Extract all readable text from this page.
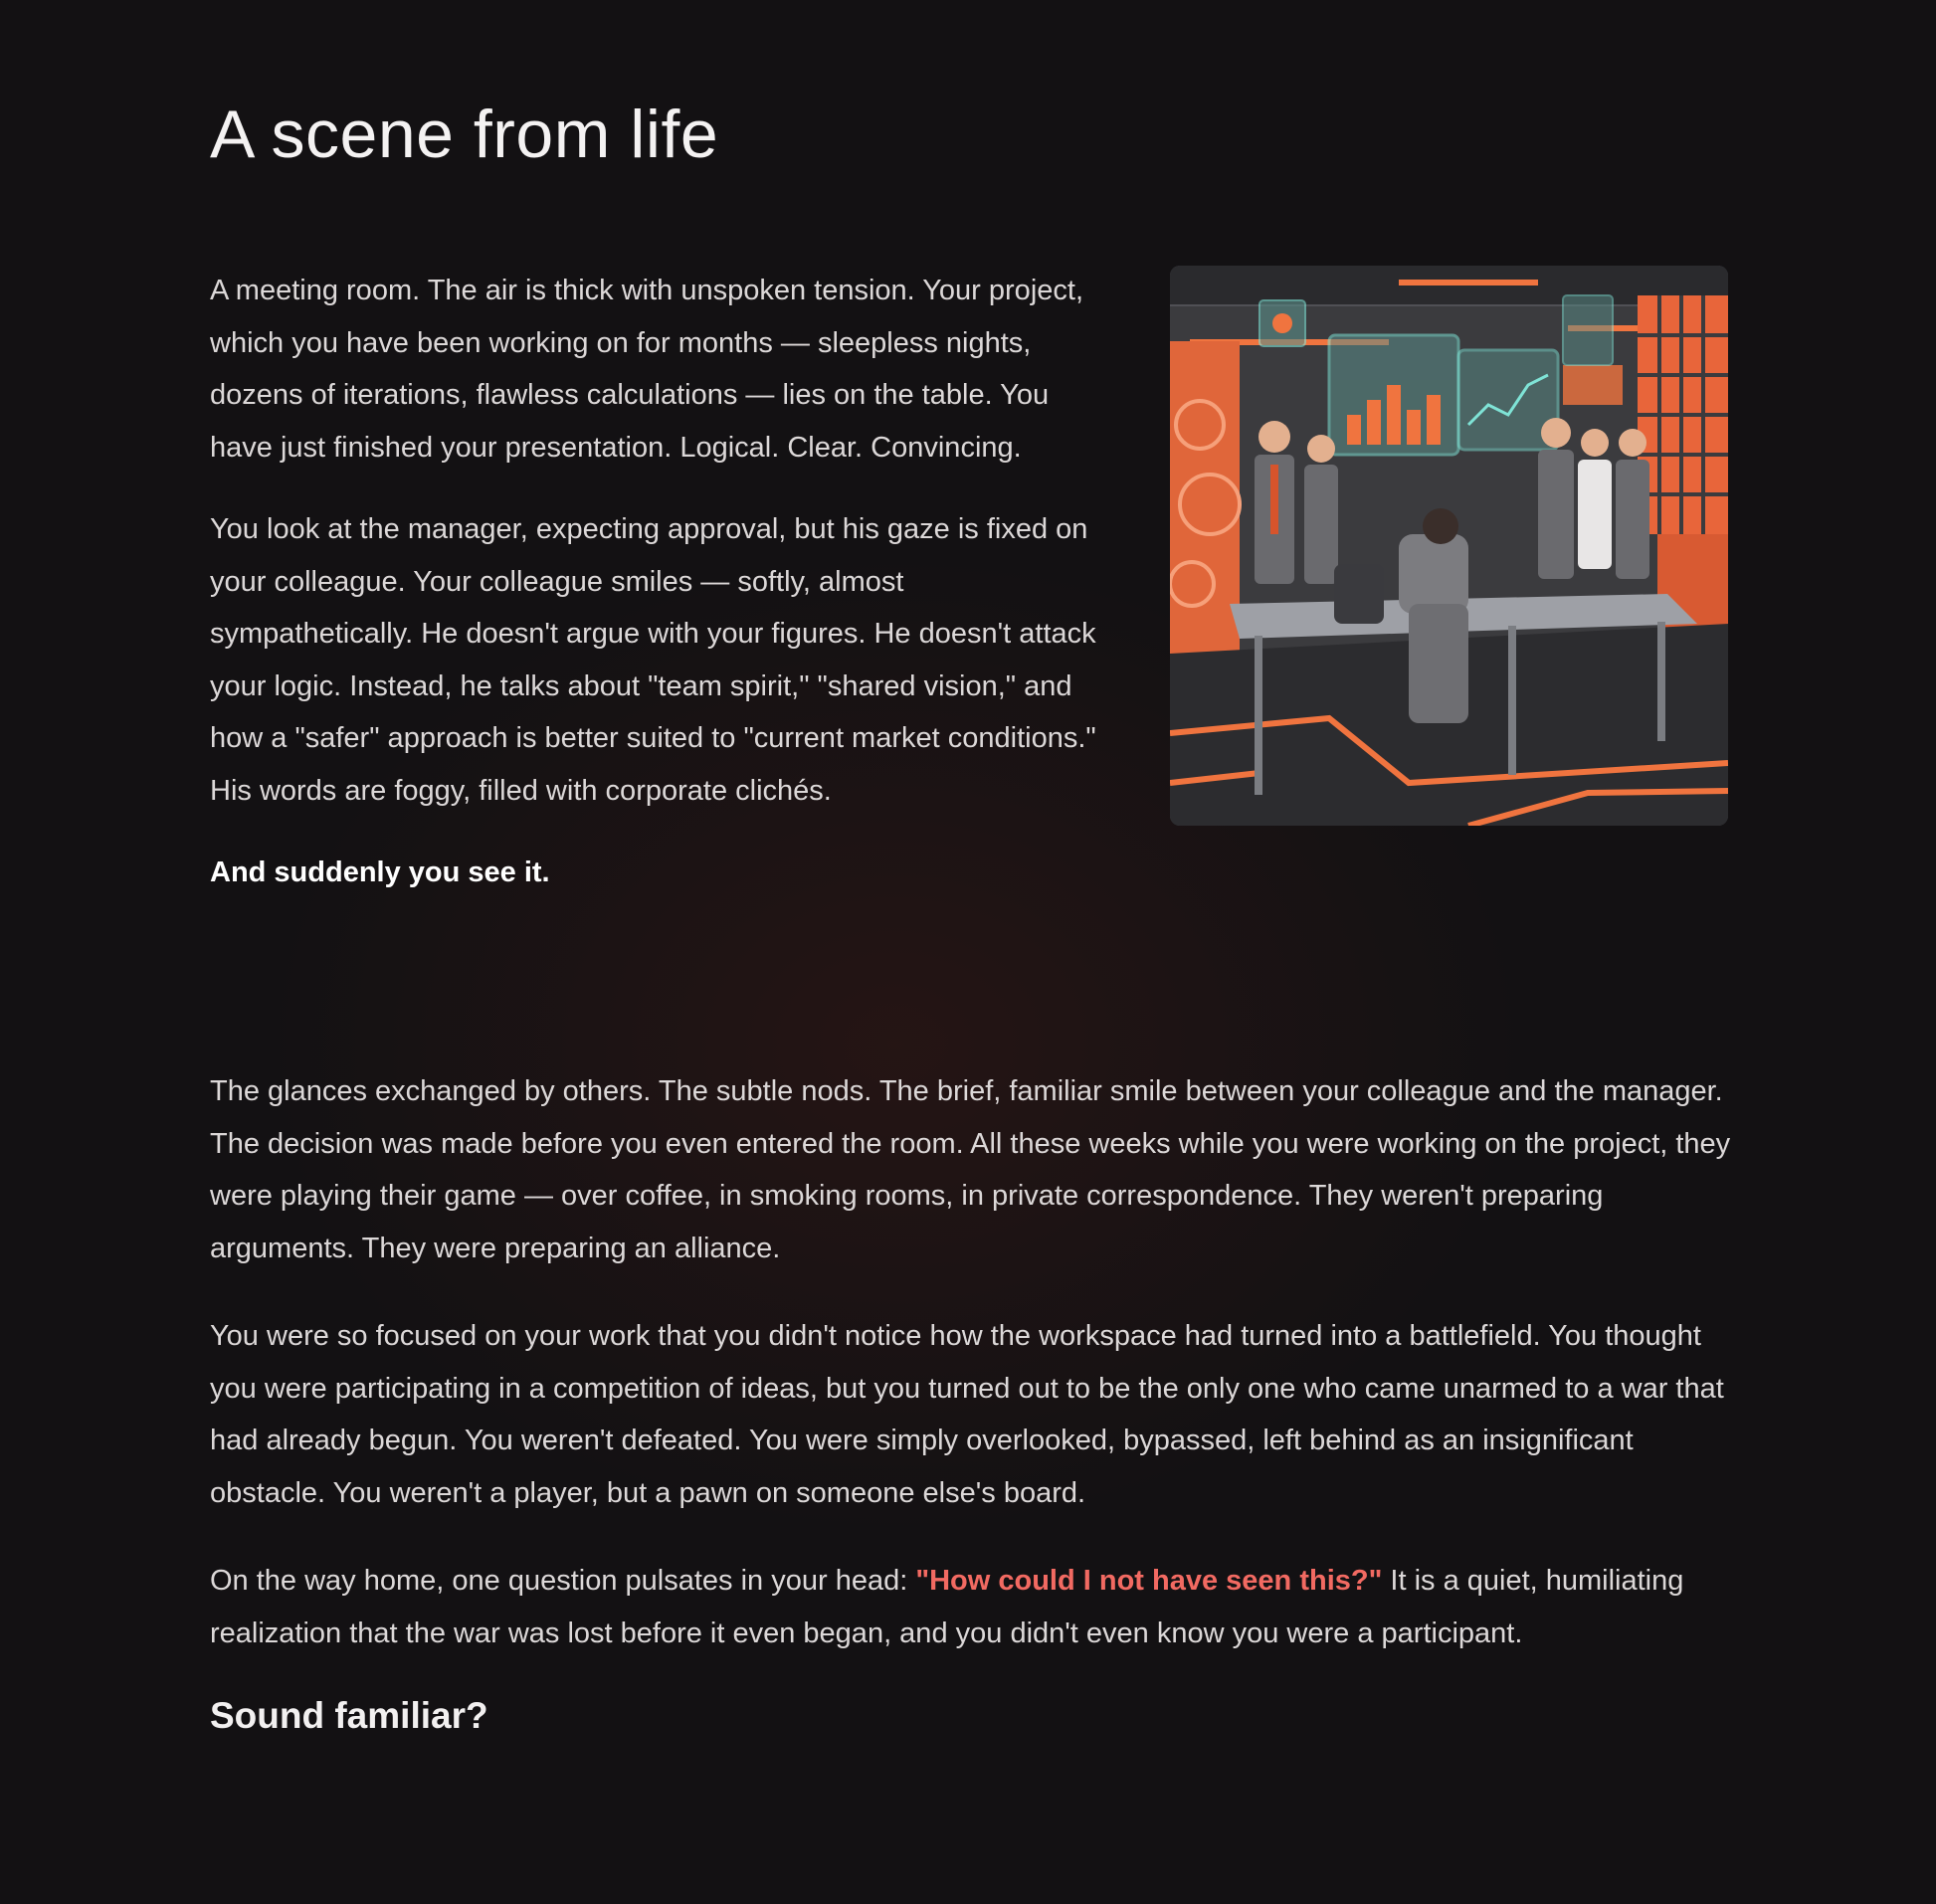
A scene from life

A meeting room. The air is thick with unspoken tension. Your project, which you have been working on for months — sleepless nights, dozens of iterations, flawless calculations — lies on the table. You have just finished your presentation. Logical. Clear. Convincing.

You look at the manager, expecting approval, but his gaze is fixed on your colleague. Your colleague smiles — softly, almost sympathetically. He doesn't argue with your figures. He doesn't attack your logic. Instead, he talks about "team spirit," "shared vision," and how a "safer" approach is better suited to "current market conditions." His words are foggy, filled with corporate clichés.

And suddenly you see it.

The glances exchanged by others. The subtle nods. The brief, familiar smile between your colleague and the manager. The decision was made before you even entered the room. All these weeks while you were working on the project, they were playing their game — over coffee, in smoking rooms, in private correspondence. They weren't preparing arguments. They were preparing an alliance.

You were so focused on your work that you didn't notice how the workspace had turned into a battlefield. You thought you were participating in a competition of ideas, but you turned out to be the only one who came unarmed to a war that had already begun. You weren't defeated. You were simply overlooked, bypassed, left behind as an insignificant obstacle. You weren't a player, but a pawn on someone else's board.

On the way home, one question pulsates in your head: "How could I not have seen this?" It is a quiet, humiliating realization that the war was lost before it even began, and you didn't even know you were a participant.

Sound familiar?
